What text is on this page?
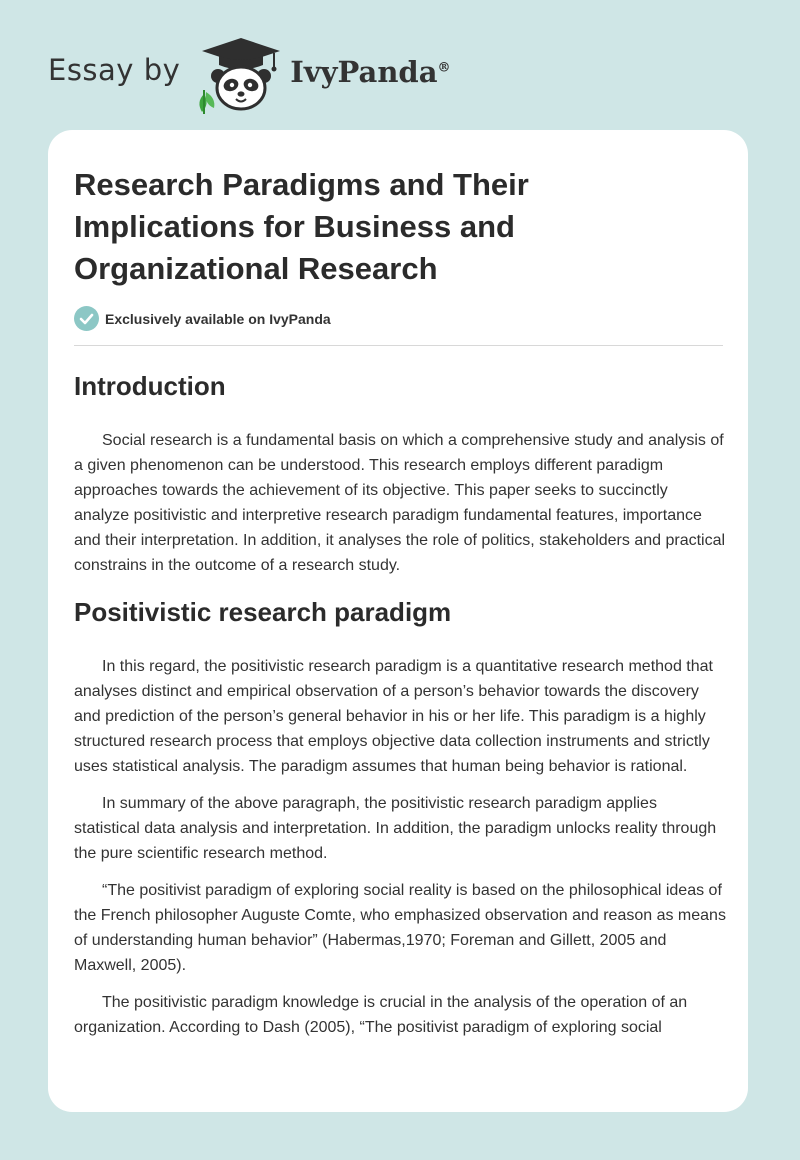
Essay by	IvyPanda®
Research Paradigms and Their Implications for Business and Organizational Research
Exclusively available on IvyPanda
Introduction

Social research is a fundamental basis on which a comprehensive study and analysis of a given phenomenon can be understood. This research employs different paradigm approaches towards the achievement of its objective. This paper seeks to succinctly analyze positivistic and interpretive research paradigm fundamental features, importance and their interpretation. In addition, it analyses the role of politics, stakeholders and practical constrains in the outcome of a research study.

Positivistic research paradigm

In this regard, the positivistic research paradigm is a quantitative research method that analyses distinct and empirical observation of a person’s behavior towards the discovery and prediction of the person’s general behavior in his or her life. This paradigm is a highly structured research process that employs objective data collection instruments and strictly uses statistical analysis. The paradigm assumes that human being behavior is rational.

In summary of the above paragraph, the positivistic research paradigm applies statistical data analysis and interpretation. In addition, the paradigm unlocks reality through the pure scientific research method.

“The positivist paradigm of exploring social reality is based on the philosophical ideas of the French philosopher Auguste Comte, who emphasized observation and reason as means of understanding human behavior” (Habermas,1970; Foreman and Gillett, 2005 and Maxwell, 2005).

The positivistic paradigm knowledge is crucial in the analysis of the operation of an organization. According to Dash (2005), “The positivist paradigm of exploring social
